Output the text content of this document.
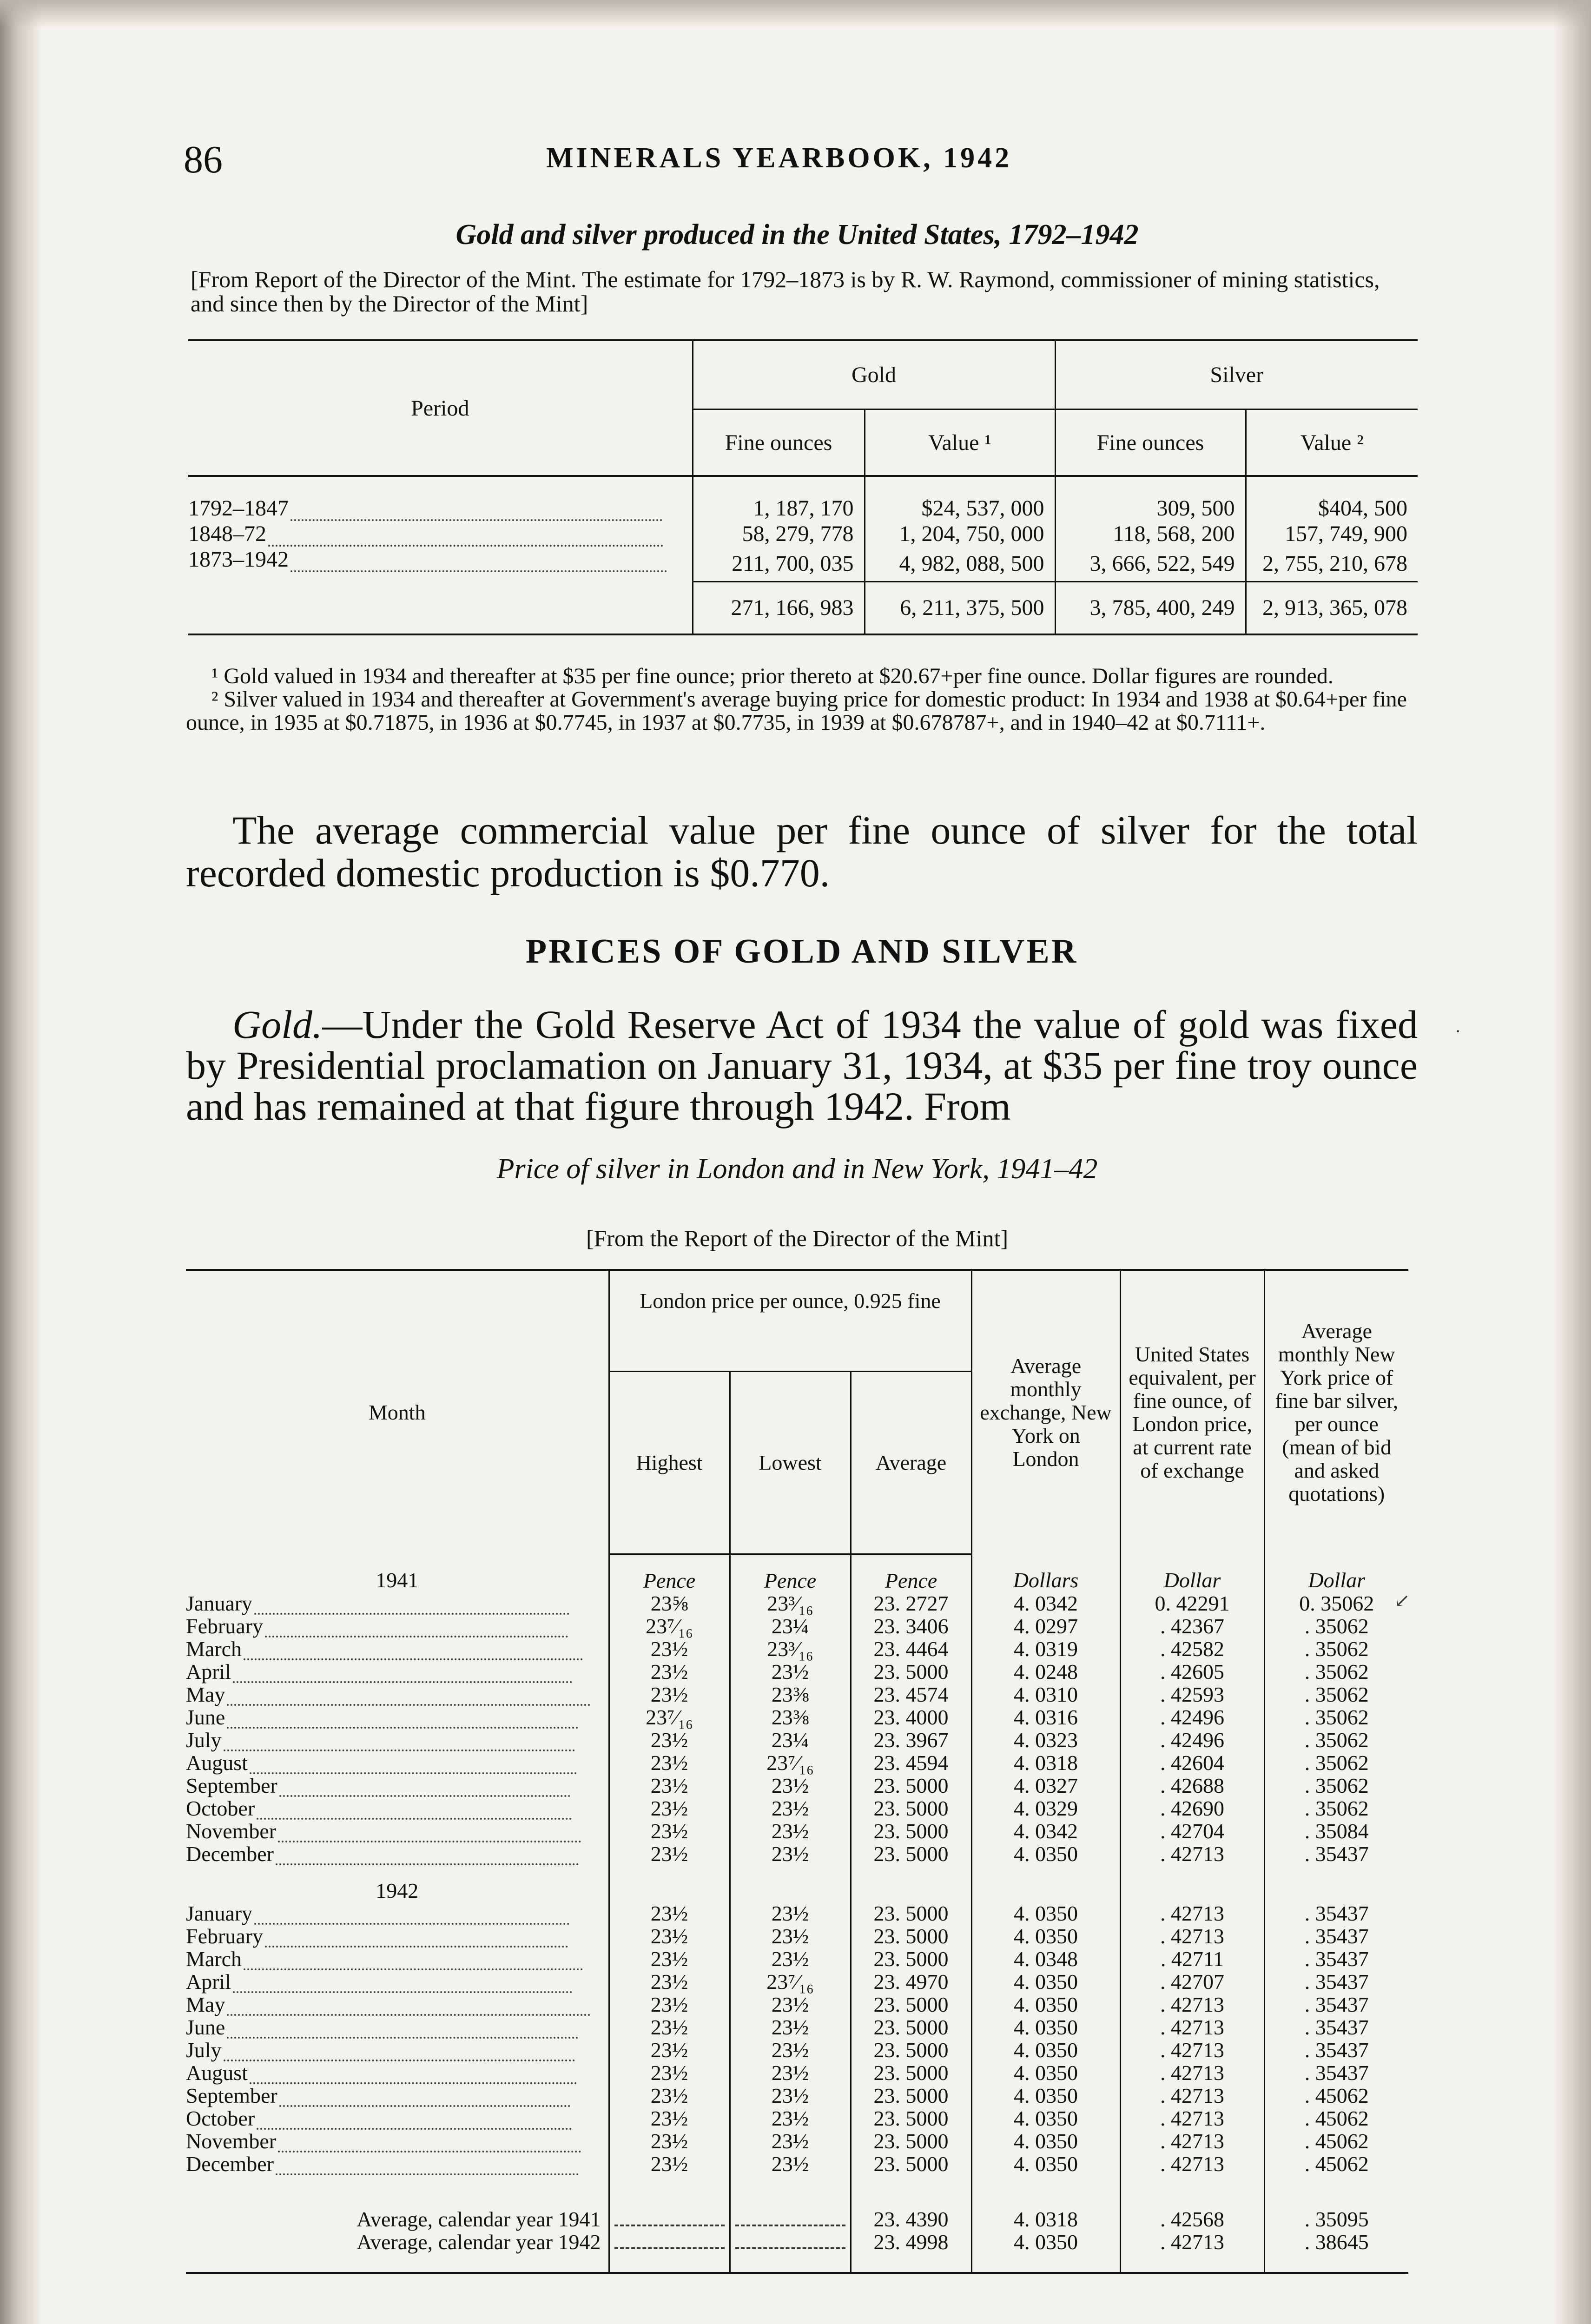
86	MINERALS YEARBOOK, 1942
Gold and silver produced in the United States, 1792–1942
[From Report of the Director of the Mint. The estimate for 1792–1873 is by R. W. Raymond, commissioner of mining statistics, and since then by the Director of the Mint]
Period	Gold		Silver	
	Fine ounces	Value ¹	Fine ounces	Value ²
1792–1847	1, 187, 170	$24, 537, 000	309, 500	$404, 500
1848–72	58, 279, 778	1, 204, 750, 000	118, 568, 200	157, 749, 900
1873–1942	211, 700, 035	4, 982, 088, 500	3, 666, 522, 549	2, 755, 210, 678
	271, 166, 983	6, 211, 375, 500	3, 785, 400, 249	2, 913, 365, 078

¹ Gold valued in 1934 and thereafter at $35 per fine ounce; prior thereto at $20.67+per fine ounce. Dollar figures are rounded.

² Silver valued in 1934 and thereafter at Government's average buying price for domestic product: In 1934 and 1938 at $0.64+per fine ounce, in 1935 at $0.71875, in 1936 at $0.7745, in 1937 at $0.7735, in 1939 at $0.678787+, and in 1940–42 at $0.7111+.

The average commercial value per fine ounce of silver for the total recorded domestic production is $0.770.
PRICES OF GOLD AND SILVER
Gold.—Under the Gold Reserve Act of 1934 the value of gold was fixed by Presidential proclamation on January 31, 1934, at $35 per fine troy ounce and has remained at that figure through 1942. From
Price of silver in London and in New York, 1941–42
[From the Report of the Director of the Mint]
Month	London price per ounce, 0.925 fine			Average monthly exchange, New York on London	United States equivalent, per fine ounce, of London price, at current rate of exchange	Average monthly New York price of fine bar silver, per ounce (mean of bid and asked quotations)
	Highest	Lowest	Average			
1941	Pence	Pence	Pence	Dollars	Dollar	Dollar
January	23⅝	23³⁄₁₆	23. 2727	4. 0342	0. 42291	0. 35062
February	23⁷⁄₁₆	23¼	23. 3406	4. 0297	. 42367	. 35062
March	23½	23³⁄₁₆	23. 4464	4. 0319	. 42582	. 35062
April	23½	23½	23. 5000	4. 0248	. 42605	. 35062
May	23½	23⅜	23. 4574	4. 0310	. 42593	. 35062
June	23⁷⁄₁₆	23⅜	23. 4000	4. 0316	. 42496	. 35062
July	23½	23¼	23. 3967	4. 0323	. 42496	. 35062
August	23½	23⁷⁄₁₆	23. 4594	4. 0318	. 42604	. 35062
September	23½	23½	23. 5000	4. 0327	. 42688	. 35062
October	23½	23½	23. 5000	4. 0329	. 42690	. 35062
November	23½	23½	23. 5000	4. 0342	. 42704	. 35084
December	23½	23½	23. 5000	4. 0350	. 42713	. 35437
1942						
January	23½	23½	23. 5000	4. 0350	. 42713	. 35437
February	23½	23½	23. 5000	4. 0350	. 42713	. 35437
March	23½	23½	23. 5000	4. 0348	. 42711	. 35437
April	23½	23⁷⁄₁₆	23. 4970	4. 0350	. 42707	. 35437
May	23½	23½	23. 5000	4. 0350	. 42713	. 35437
June	23½	23½	23. 5000	4. 0350	. 42713	. 35437
July	23½	23½	23. 5000	4. 0350	. 42713	. 35437
August	23½	23½	23. 5000	4. 0350	. 42713	. 35437
September	23½	23½	23. 5000	4. 0350	. 42713	. 45062
October	23½	23½	23. 5000	4. 0350	. 42713	. 45062
November	23½	23½	23. 5000	4. 0350	. 42713	. 45062
December	23½	23½	23. 5000	4. 0350	. 42713	. 45062

Average, calendar year 1941			23. 4390	4. 0318	. 42568	. 35095
Average, calendar year 1942			23. 4998	4. 0350	. 42713	. 38645
↙
·
